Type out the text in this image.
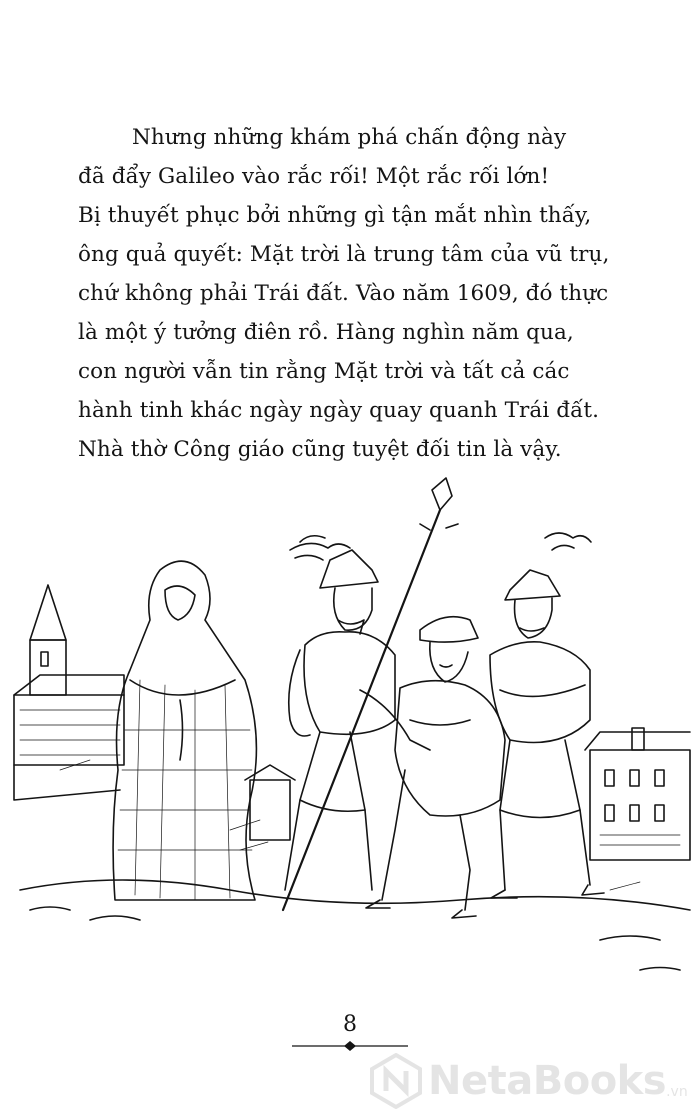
Nhưng những khám phá chấn động này
đã đẩy Galileo vào rắc rối! Một rắc rối lớn!
Bị thuyết phục bởi những gì tận mắt nhìn thấy,
ông quả quyết: Mặt trời là trung tâm của vũ trụ,
chứ không phải Trái đất. Vào năm 1609, đó thực
là một ý tưởng điên rồ. Hàng nghìn năm qua,
con người vẫn tin rằng Mặt trời và tất cả các
hành tinh khác ngày ngày quay quanh Trái đất.
Nhà thờ Công giáo cũng tuyệt đối tin là vậy.
8
NetaBooks .vn
